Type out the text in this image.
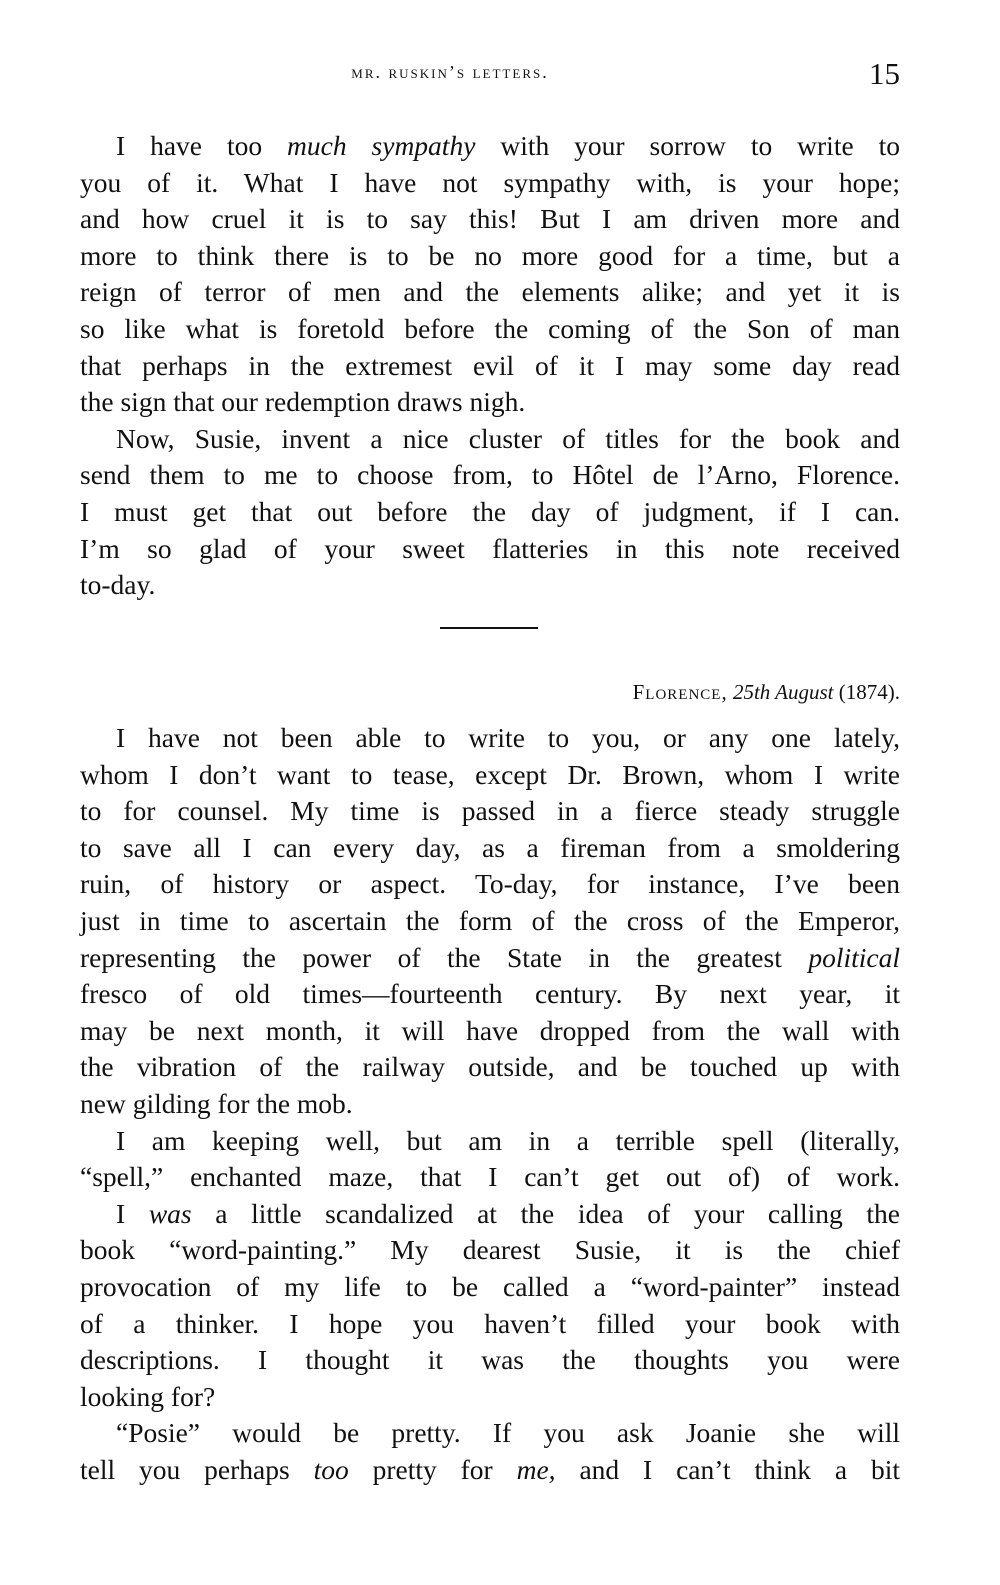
mr. ruskin’s letters.	15
I have too much sympathy with your sorrow to write to
you of it. What I have not sympathy with, is your hope;
and how cruel it is to say this! But I am driven more and
more to think there is to be no more good for a time, but a
reign of terror of men and the elements alike; and yet it is
so like what is foretold before the coming of the Son of man
that perhaps in the extremest evil of it I may some day read
the sign that our redemption draws nigh.
Now, Susie, invent a nice cluster of titles for the book and
send them to me to choose from, to Hôtel de l’Arno, Florence.
I must get that out before the day of judgment, if I can.
I’m so glad of your sweet flatteries in this note received
to-day.
Florence, 25th August (1874).
I have not been able to write to you, or any one lately,
whom I don’t want to tease, except Dr. Brown, whom I write
to for counsel. My time is passed in a fierce steady struggle
to save all I can every day, as a fireman from a smoldering
ruin, of history or aspect. To-day, for instance, I’ve been
just in time to ascertain the form of the cross of the Emperor,
representing the power of the State in the greatest political
fresco of old times—fourteenth century. By next year, it
may be next month, it will have dropped from the wall with
the vibration of the railway outside, and be touched up with
new gilding for the mob.
I am keeping well, but am in a terrible spell (literally,
“spell,” enchanted maze, that I can’t get out of) of work.
I was a little scandalized at the idea of your calling the
book “word-painting.” My dearest Susie, it is the chief
provocation of my life to be called a “word-painter” instead
of a thinker. I hope you haven’t filled your book with
descriptions. I thought it was the thoughts you were
looking for?
“Posie” would be pretty. If you ask Joanie she will
tell you perhaps too pretty for me, and I can’t think a bit
